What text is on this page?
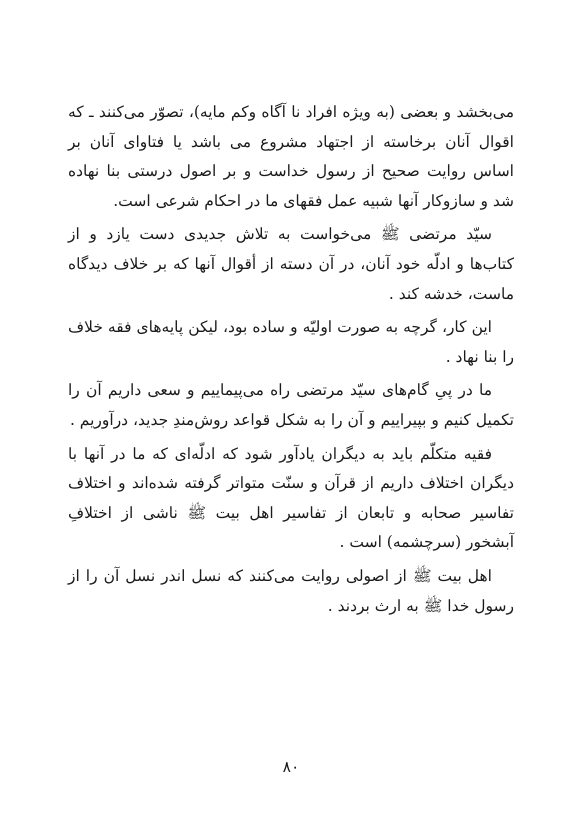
می‌بخشد و بعضی (به ویژه افراد نا آگاه وکم مایه)، تصوّر می‌کنند ـ که اقوال آنان برخاسته از اجتهاد مشروع می باشد یا فتاوای آنان بر اساس روایت صحیح از رسول خداست و بر اصول درستی بنا نهاده شد و سازوکار آنها شبیه عمل فقهای ما در احکام شرعی است.

سیّد مرتضی ﷺ می‌خواست به تلاش جدیدی دست یازد و از کتاب‌ها و ادلّه خود آنان، در آن دسته از أقوال آنها که بر خلاف دیدگاه ماست، خدشه کند .

این کار، گرچه به صورت اولیّه و ساده بود، لیکن پایه‌های فقه خلاف را بنا نهاد .

ما در پیِ گام‌های سیّد مرتضی راه می‌پیماییم و سعی داریم آن را تکمیل کنیم و بپیراییم و آن را به شکل قواعد روش‌مندِ جدید، درآوریم .

فقیه متکلّم باید به دیگران یادآور شود که ادلّه‌ای که ما در آنها با دیگران اختلاف داریم از قرآن و سنّت متواتر گرفته شده‌اند و اختلاف تفاسیر صحابه و تابعان از تفاسیر اهل بیت ﷺ ناشی از اختلافِ آبشخور (سرچشمه) است .

اهل بیت ﷺ از اصولی روایت می‌کنند که نسل اندر نسل آن را از رسول خدا ﷺ به ارث بردند .

٨٠
